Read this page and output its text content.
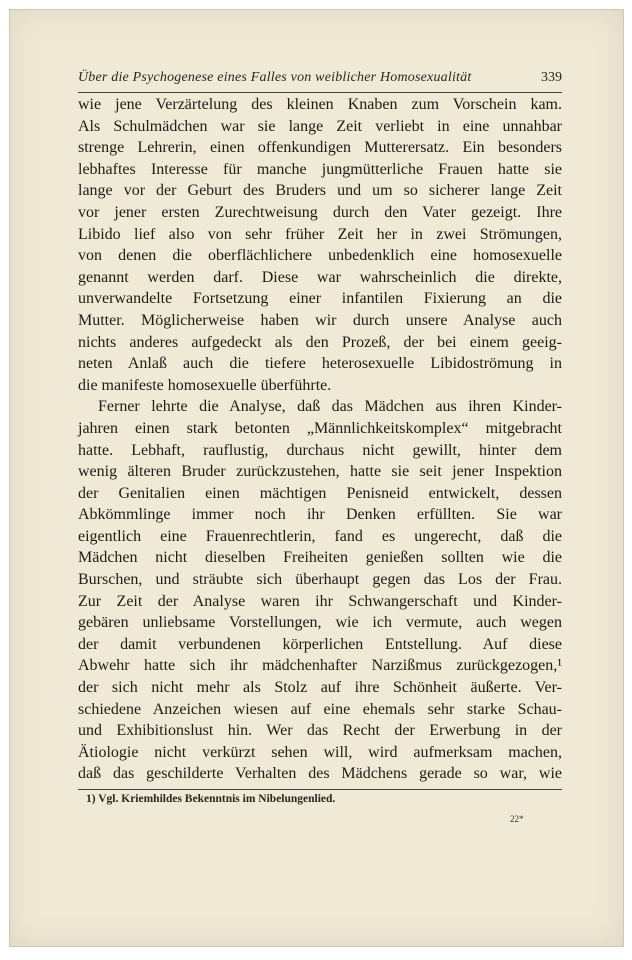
Über die Psychogenese eines Falles von weiblicher Homosexualität	339
wie jene Verzärtelung des kleinen Knaben zum Vorschein kam.
Als Schulmädchen war sie lange Zeit verliebt in eine unnahbar
strenge Lehrerin, einen offenkundigen Mutterersatz. Ein besonders
lebhaftes Interesse für manche jungmütterliche Frauen hatte sie
lange vor der Geburt des Bruders und um so sicherer lange Zeit
vor jener ersten Zurechtweisung durch den Vater gezeigt. Ihre
Libido lief also von sehr früher Zeit her in zwei Strömungen,
von denen die oberflächlichere unbedenklich eine homosexuelle
genannt werden darf. Diese war wahrscheinlich die direkte,
unverwandelte Fortsetzung einer infantilen Fixierung an die
Mutter. Möglicherweise haben wir durch unsere Analyse auch
nichts anderes aufgedeckt als den Prozeß, der bei einem geeig-
neten Anlaß auch die tiefere heterosexuelle Libidoströmung in
die manifeste homosexuelle überführte.
Ferner lehrte die Analyse, daß das Mädchen aus ihren Kinder-
jahren einen stark betonten „Männlichkeitskomplex“ mitgebracht
hatte. Lebhaft, rauflustig, durchaus nicht gewillt, hinter dem
wenig älteren Bruder zurückzustehen, hatte sie seit jener Inspektion
der Genitalien einen mächtigen Penisneid entwickelt, dessen
Abkömmlinge immer noch ihr Denken erfüllten. Sie war
eigentlich eine Frauenrechtlerin, fand es ungerecht, daß die
Mädchen nicht dieselben Freiheiten genießen sollten wie die
Burschen, und sträubte sich überhaupt gegen das Los der Frau.
Zur Zeit der Analyse waren ihr Schwangerschaft und Kinder-
gebären unliebsame Vorstellungen, wie ich vermute, auch wegen
der damit verbundenen körperlichen Entstellung. Auf diese
Abwehr hatte sich ihr mädchenhafter Narzißmus zurückgezogen,¹
der sich nicht mehr als Stolz auf ihre Schönheit äußerte. Ver-
schiedene Anzeichen wiesen auf eine ehemals sehr starke Schau-
und Exhibitionslust hin. Wer das Recht der Erwerbung in der
Ätiologie nicht verkürzt sehen will, wird aufmerksam machen,
daß das geschilderte Verhalten des Mädchens gerade so war, wie
1) Vgl. Kriemhildes Bekenntnis im Nibelungenlied.
22*
